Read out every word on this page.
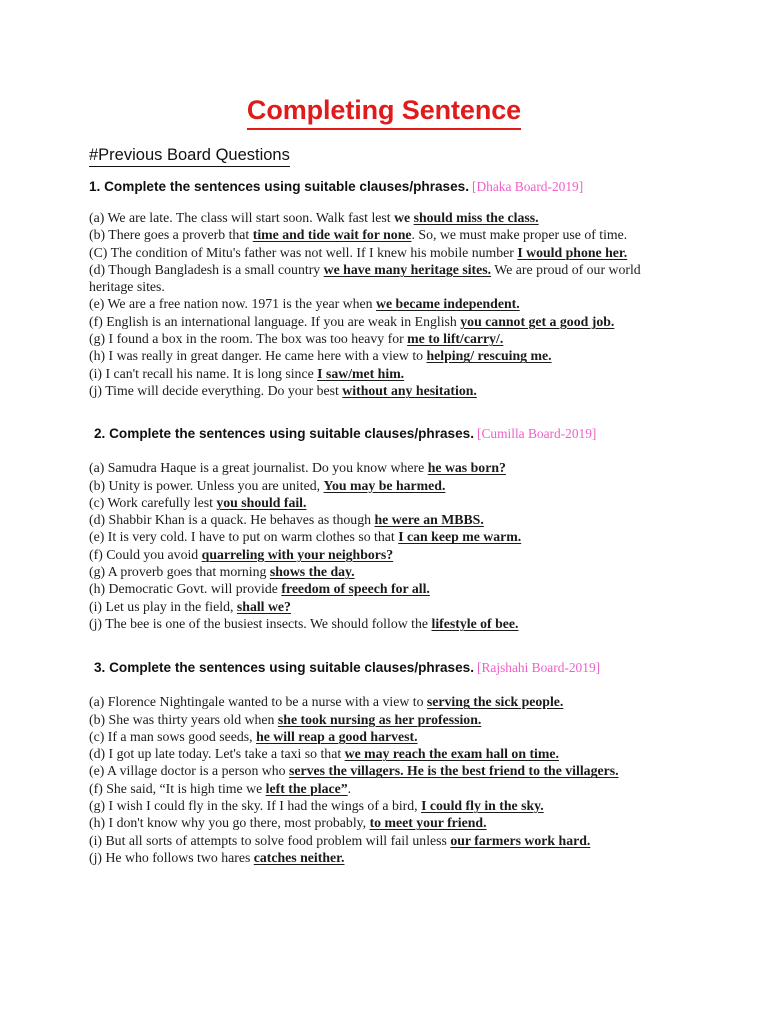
Completing Sentence
#Previous Board Questions
1. Complete the sentences using suitable clauses/phrases. [Dhaka Board-2019]
(a) We are late. The class will start soon. Walk fast lest we should miss the class.
(b) There goes a proverb that time and tide wait for none. So, we must make proper use of time.
(C) The condition of Mitu's father was not well. If I knew his mobile number I would phone her.
(d) Though Bangladesh is a small country we have many heritage sites. We are proud of our world heritage sites.
(e) We are a free nation now. 1971 is the year when we became independent.
(f) English is an international language. If you are weak in English you cannot get a good job.
(g) I found a box in the room. The box was too heavy for me to lift/carry/.
(h) I was really in great danger. He came here with a view to helping/ rescuing me.
(i) I can't recall his name. It is long since I saw/met him.
(j) Time will decide everything. Do your best without any hesitation.
2. Complete the sentences using suitable clauses/phrases. [Cumilla Board-2019]
(a) Samudra Haque is a great journalist. Do you know where he was born?
(b) Unity is power. Unless you are united, You may be harmed.
(c) Work carefully lest you should fail.
(d) Shabbir Khan is a quack. He behaves as though he were an MBBS.
(e) It is very cold. I have to put on warm clothes so that I can keep me warm.
(f) Could you avoid quarreling with your neighbors?
(g) A proverb goes that morning shows the day.
(h) Democratic Govt. will provide freedom of speech for all.
(i) Let us play in the field, shall we?
(j) The bee is one of the busiest insects. We should follow the lifestyle of bee.
3. Complete the sentences using suitable clauses/phrases. [Rajshahi Board-2019]
(a) Florence Nightingale wanted to be a nurse with a view to serving the sick people.
(b) She was thirty years old when she took nursing as her profession.
(c) If a man sows good seeds, he will reap a good harvest.
(d) I got up late today. Let's take a taxi so that we may reach the exam hall on time.
(e) A village doctor is a person who serves the villagers. He is the best friend to the villagers.
(f) She said, “It is high time we left the place”.
(g) I wish I could fly in the sky. If I had the wings of a bird, I could fly in the sky.
(h) I don't know why you go there, most probably, to meet your friend.
(i) But all sorts of attempts to solve food problem will fail unless our farmers work hard.
(j) He who follows two hares catches neither.
